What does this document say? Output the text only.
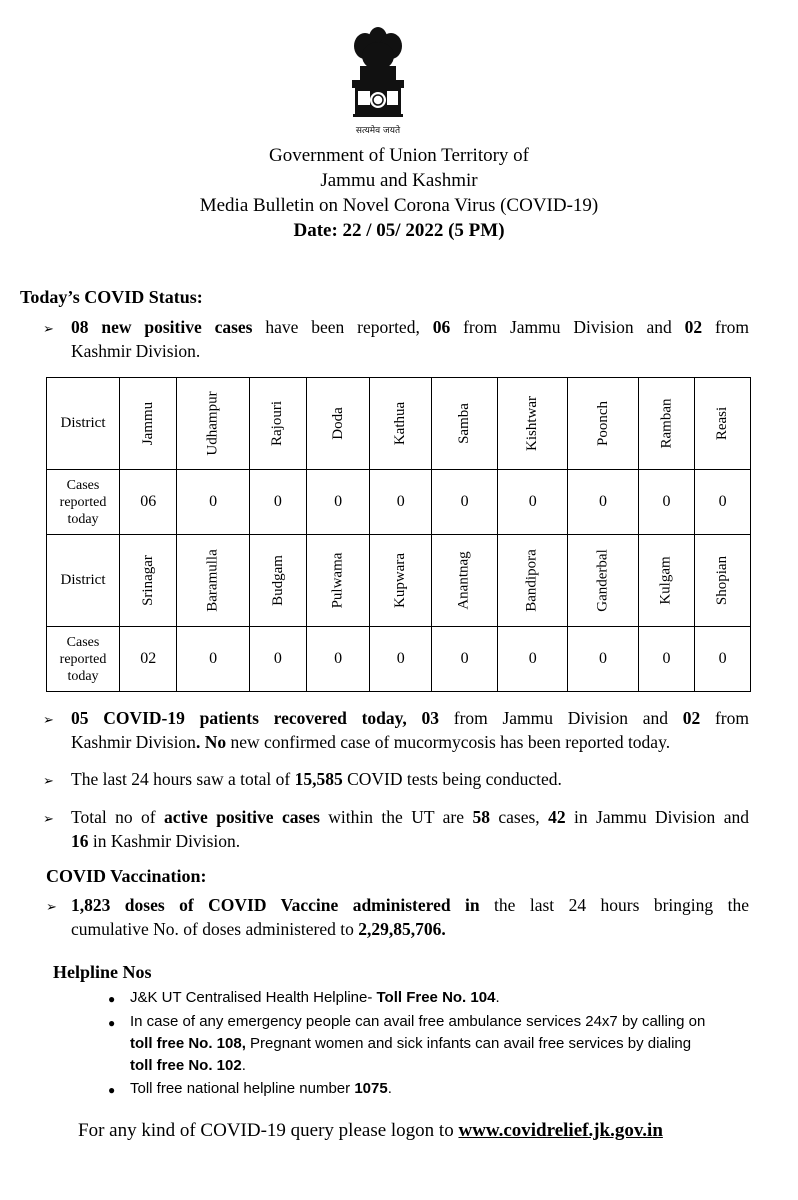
सत्यमेव जयते
Government of Union Territory of
Jammu and Kashmir
Media Bulletin on Novel Corona Virus (COVID-19)
Date: 22 / 05/ 2022 (5 PM)
Today’s COVID Status:
➢ 08 new positive cases have been reported, 06 from Jammu Division and 02 from
Kashmir Division.
District	Jammu	Udhampur	Rajouri	Doda	Kathua	Samba	Kishtwar	Poonch	Ramban	Reasi
Cases
reported
today	06	0	0	0	0	0	0	0	0	0
District	Srinagar	Baramulla	Budgam	Pulwama	Kupwara	Anantnag	Bandipora	Ganderbal	Kulgam	Shopian
Cases
reported
today	02	0	0	0	0	0	0	0	0	0
➢ 05 COVID-19 patients recovered today, 03 from Jammu Division and 02 from
Kashmir Division. No new confirmed case of mucormycosis has been reported today.
➢ The last 24 hours saw a total of 15,585 COVID tests being conducted.
➢ Total no of active positive cases within the UT are 58 cases, 42 in Jammu Division and
16 in Kashmir Division.
COVID Vaccination:
➢ 1,823 doses of COVID Vaccine administered in the last 24 hours bringing the
cumulative No. of doses administered to 2,29,85,706.
Helpline Nos
● J&K UT Centralised Health Helpline- Toll Free No. 104.
● In case of any emergency people can avail free ambulance services 24x7 by calling on
toll free No. 108, Pregnant women and sick infants can avail free services by dialing
toll free No. 102.
● Toll free national helpline number 1075.
For any kind of COVID-19 query please logon to www.covidrelief.jk.gov.in
